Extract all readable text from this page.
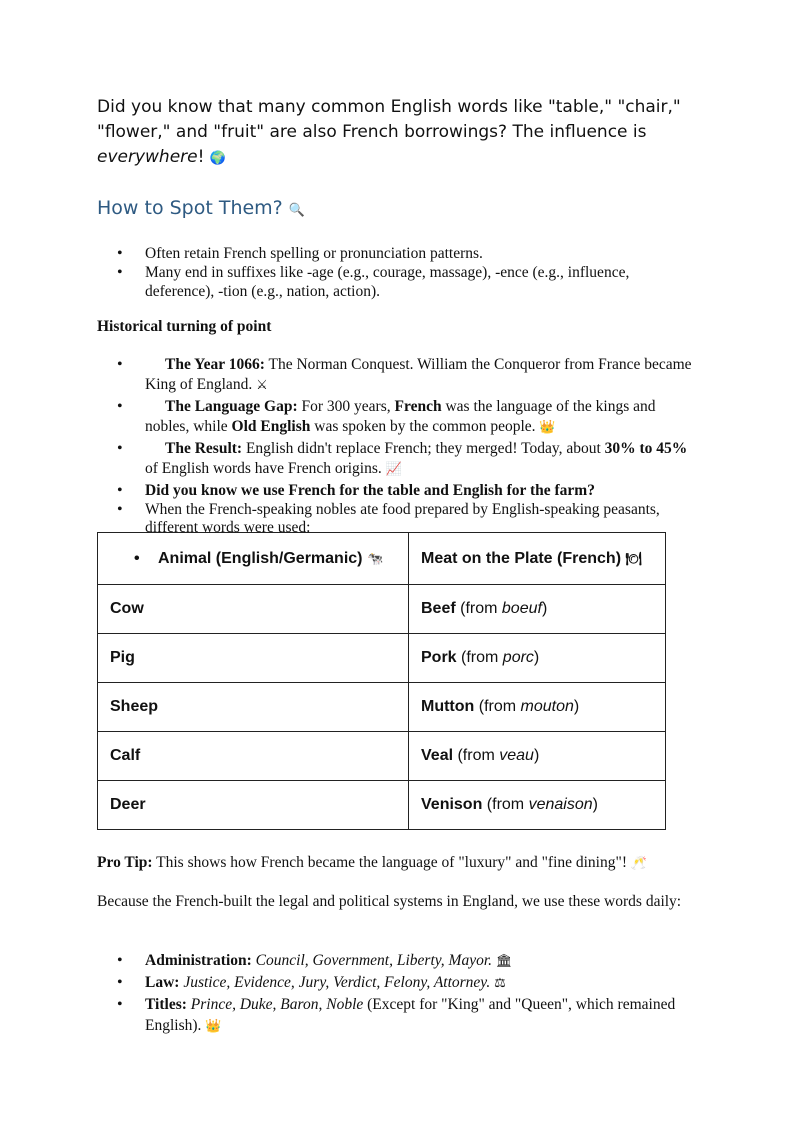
Did you know that many common English words like "table," "chair," "flower," and "fruit" are also French borrowings? The influence is everywhere! 🌍

How to Spot Them? 🔍
• Often retain French spelling or pronunciation patterns.
• Many end in suffixes like -age (e.g., courage, massage), -ence (e.g., influence, deference), -tion (e.g., nation, action).

Historical turning of point

• The Year 1066: The Norman Conquest. William the Conqueror from France became King of England. ⚔
• The Language Gap: For 300 years, French was the language of the kings and nobles, while Old English was spoken by the common people. 👑
• The Result: English didn't replace French; they merged! Today, about 30% to 45% of English words have French origins. 📈
• Did you know we use French for the table and English for the farm?
• When the French-speaking nobles ate food prepared by English-speaking peasants, different words were used:
• Animal (English/Germanic) 🐄	Meat on the Plate (French) 🍽
Cow	Beef (from boeuf)
Pig	Pork (from porc)
Sheep	Mutton (from mouton)
Calf	Veal (from veau)
Deer	Venison (from venaison)

Pro Tip: This shows how French became the language of "luxury" and "fine dining"! 🥂

Because the French-built the legal and political systems in England, we use these words daily:

• Administration: Council, Government, Liberty, Mayor. 🏛
• Law: Justice, Evidence, Jury, Verdict, Felony, Attorney. ⚖
• Titles: Prince, Duke, Baron, Noble (Except for "King" and "Queen", which remained English). 👑
